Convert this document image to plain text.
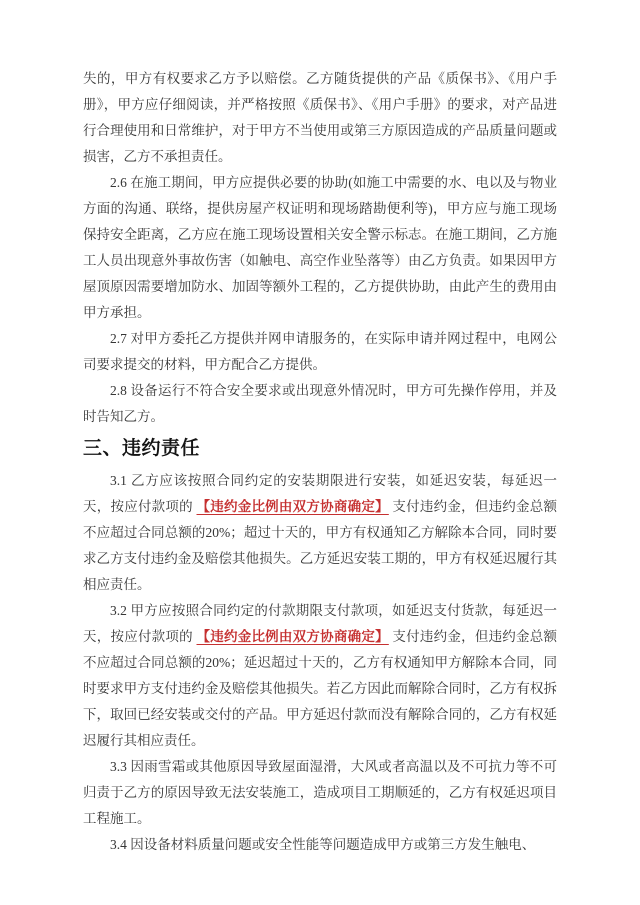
失的，甲方有权要求乙方予以赔偿。乙方随货提供的产品《质保书》、《用户手册》，甲方应仔细阅读，并严格按照《质保书》、《用户手册》的要求，对产品进行合理使用和日常维护，对于甲方不当使用或第三方原因造成的产品质量问题或损害，乙方不承担责任。

2.6 在施工期间，甲方应提供必要的协助(如施工中需要的水、电以及与物业方面的沟通、联络，提供房屋产权证明和现场踏勘便利等)，甲方应与施工现场保持安全距离，乙方应在施工现场设置相关安全警示标志。在施工期间，乙方施工人员出现意外事故伤害（如触电、高空作业坠落等）由乙方负责。如果因甲方屋顶原因需要增加防水、加固等额外工程的，乙方提供协助，由此产生的费用由甲方承担。

2.7 对甲方委托乙方提供并网申请服务的，在实际申请并网过程中，电网公司要求提交的材料，甲方配合乙方提供。

2.8 设备运行不符合安全要求或出现意外情况时，甲方可先操作停用，并及时告知乙方。

三、违约责任

3.1 乙方应该按照合同约定的安装期限进行安装，如延迟安装，每延迟一天，按应付款项的 【违约金比例由双方协商确定】 支付违约金，但违约金总额不应超过合同总额的20%；超过十天的，甲方有权通知乙方解除本合同，同时要求乙方支付违约金及赔偿其他损失。乙方延迟安装工期的，甲方有权延迟履行其相应责任。

3.2 甲方应按照合同约定的付款期限支付款项，如延迟支付货款，每延迟一天，按应付款项的 【违约金比例由双方协商确定】 支付违约金，但违约金总额不应超过合同总额的20%；延迟超过十天的，乙方有权通知甲方解除本合同，同时要求甲方支付违约金及赔偿其他损失。若乙方因此而解除合同时，乙方有权拆下，取回已经安装或交付的产品。甲方延迟付款而没有解除合同的，乙方有权延迟履行其相应责任。

3.3 因雨雪霜或其他原因导致屋面湿滑，大风或者高温以及不可抗力等不可归责于乙方的原因导致无法安装施工，造成项目工期顺延的，乙方有权延迟项目工程施工。

3.4 因设备材料质量问题或安全性能等问题造成甲方或第三方发生触电、
